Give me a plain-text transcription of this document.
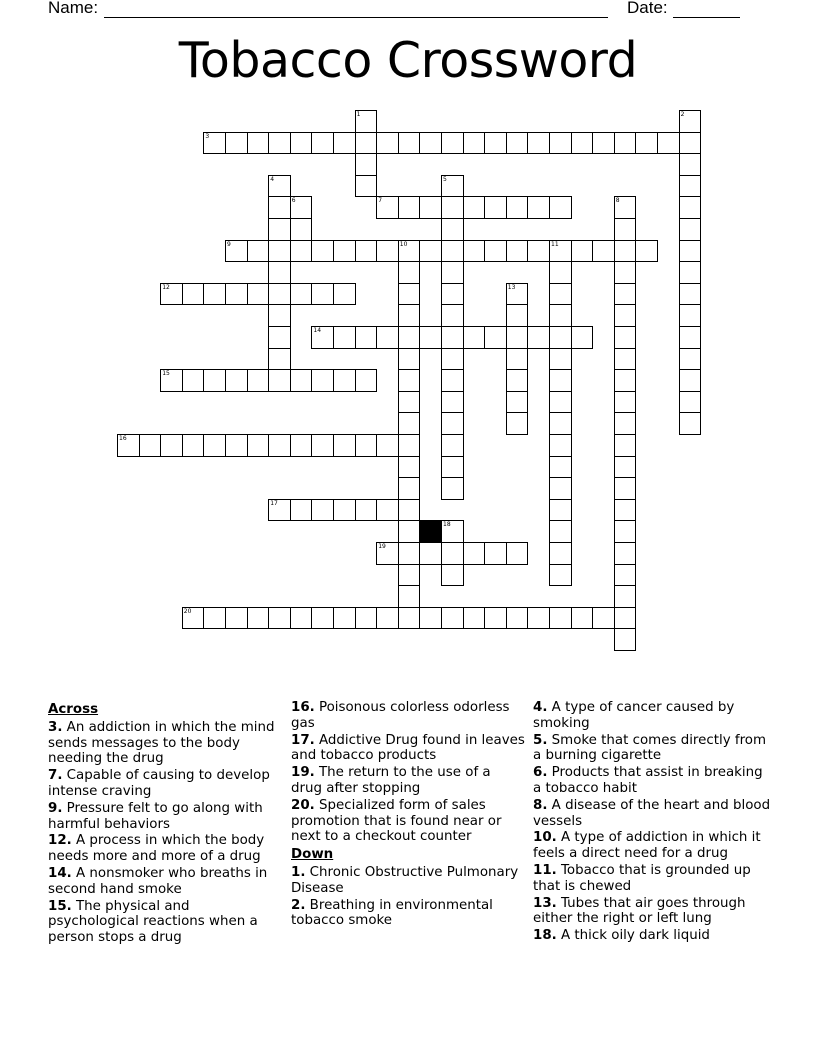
Name:	Date:
Tobacco Crossword
1	2
3
4	5
6	7	8
9	10	11
12	13
14
15
16
17
18
19
20
Across
3. An addiction in which the mind sends messages to the body needing the drug
7. Capable of causing to develop intense craving
9. Pressure felt to go along with harmful behaviors
12. A process in which the body needs more and more of a drug
14. A nonsmoker who breaths in second hand smoke
15. The physical and psychological reactions when a person stops a drug
16. Poisonous colorless odorless gas
17. Addictive Drug found in leaves and tobacco products
19. The return to the use of a drug after stopping
20. Specialized form of sales promotion that is found near or next to a checkout counter
Down
1. Chronic Obstructive Pulmonary Disease
2. Breathing in environmental tobacco smoke
4. A type of cancer caused by smoking
5. Smoke that comes directly from a burning cigarette
6. Products that assist in breaking a tobacco habit
8. A disease of the heart and blood vessels
10. A type of addiction in which it feels a direct need for a drug
11. Tobacco that is grounded up that is chewed
13. Tubes that air goes through either the right or left lung
18. A thick oily dark liquid
